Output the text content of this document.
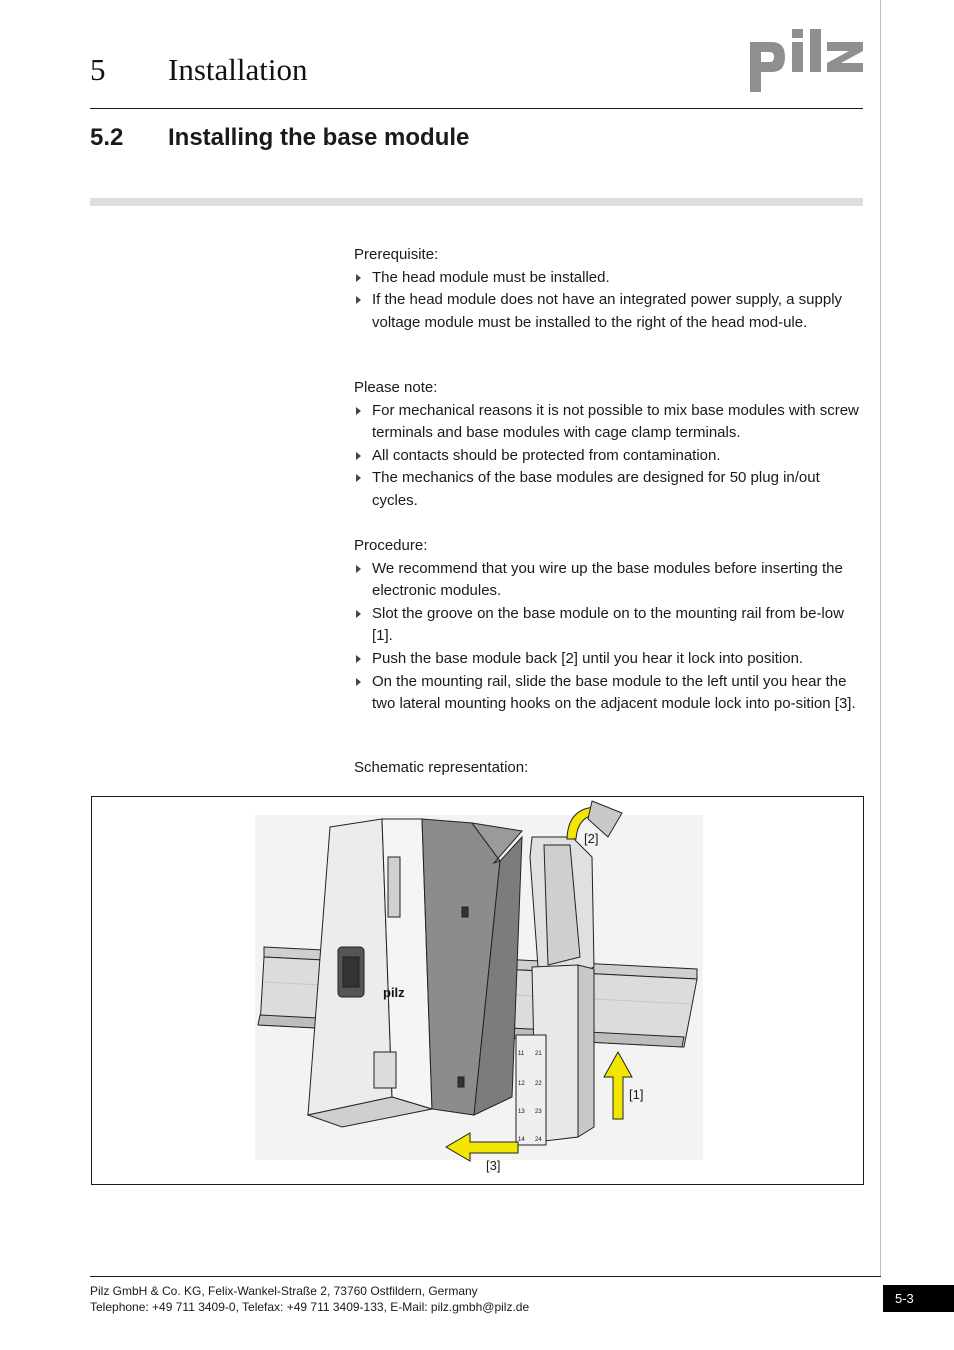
5 Installation
5.2 Installing the base module

Prerequisite:

The head module must be installed.
If the head module does not have an integrated power supply, a supply voltage module must be installed to the right of the head mod-ule.

Please note:

For mechanical reasons it is not possible to mix base modules with screw terminals and base modules with cage clamp terminals.
All contacts should be protected from contamination.
The mechanics of the base modules are designed for 50 plug in/out cycles.

Procedure:

We recommend that you wire up the base modules before inserting the electronic modules.
Slot the groove on the base module on to the mounting rail from be-low [1].
Push the base module back [2] until you hear it lock into position.
On the mounting rail, slide the base module to the left until you hear the two lateral mounting hooks on the adjacent module lock into po-sition [3].

Schematic representation:

pilz
11 21
12 22
13 23
14 24
[2]
[1]
[3]
Pilz GmbH & Co. KG, Felix-Wankel-Straße 2, 73760 Ostfildern, Germany
Telephone: +49 711 3409-0, Telefax: +49 711 3409-133, E-Mail: pilz.gmbh@pilz.de
5-3
